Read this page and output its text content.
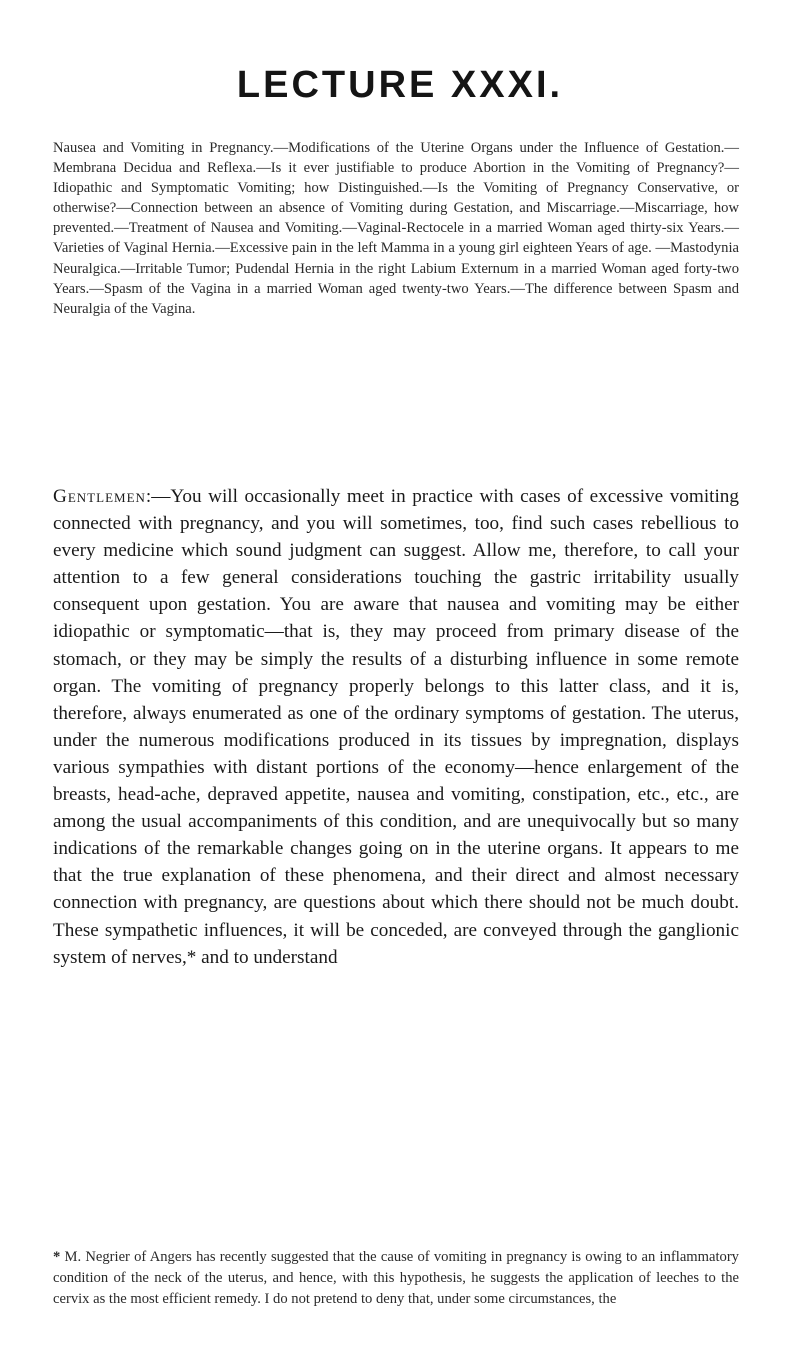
LECTURE XXXI.
Nausea and Vomiting in Pregnancy.—Modifications of the Uterine Organs under the Influence of Gestation.—Membrana Decidua and Reflexa.—Is it ever justifiable to produce Abortion in the Vomiting of Pregnancy?—Idiopathic and Symptomatic Vomiting; how Distinguished.—Is the Vomiting of Pregnancy Conservative, or otherwise?—Connection between an absence of Vomiting during Gestation, and Miscarriage.—Miscarriage, how prevented.—Treatment of Nausea and Vomiting.—Vaginal-Rectocele in a married Woman aged thirty-six Years.—Varieties of Vaginal Hernia.—Excessive pain in the left Mamma in a young girl eighteen Years of age. —Mastodynia Neuralgica.—Irritable Tumor; Pudendal Hernia in the right Labium Externum in a married Woman aged forty-two Years.—Spasm of the Vagina in a married Woman aged twenty-two Years.—The difference between Spasm and Neuralgia of the Vagina.
Gentlemen:—You will occasionally meet in practice with cases of excessive vomiting connected with pregnancy, and you will sometimes, too, find such cases rebellious to every medicine which sound judgment can suggest. Allow me, therefore, to call your attention to a few general considerations touching the gastric irritability usually consequent upon gestation. You are aware that nausea and vomiting may be either idiopathic or symptomatic—that is, they may proceed from primary disease of the stomach, or they may be simply the results of a disturbing influence in some remote organ. The vomiting of pregnancy properly belongs to this latter class, and it is, therefore, always enumerated as one of the ordinary symptoms of gestation. The uterus, under the numerous modifications produced in its tissues by impregnation, displays various sympathies with distant portions of the economy—hence enlargement of the breasts, head-ache, depraved appetite, nausea and vomiting, constipation, etc., etc., are among the usual accompaniments of this condition, and are unequivocally but so many indications of the remarkable changes going on in the uterine organs. It appears to me that the true explanation of these phenomena, and their direct and almost necessary connection with pregnancy, are questions about which there should not be much doubt. These sympathetic influences, it will be conceded, are conveyed through the ganglionic system of nerves,* and to understand
* M. Negrier of Angers has recently suggested that the cause of vomiting in pregnancy is owing to an inflammatory condition of the neck of the uterus, and hence, with this hypothesis, he suggests the application of leeches to the cervix as the most efficient remedy. I do not pretend to deny that, under some circumstances, the
